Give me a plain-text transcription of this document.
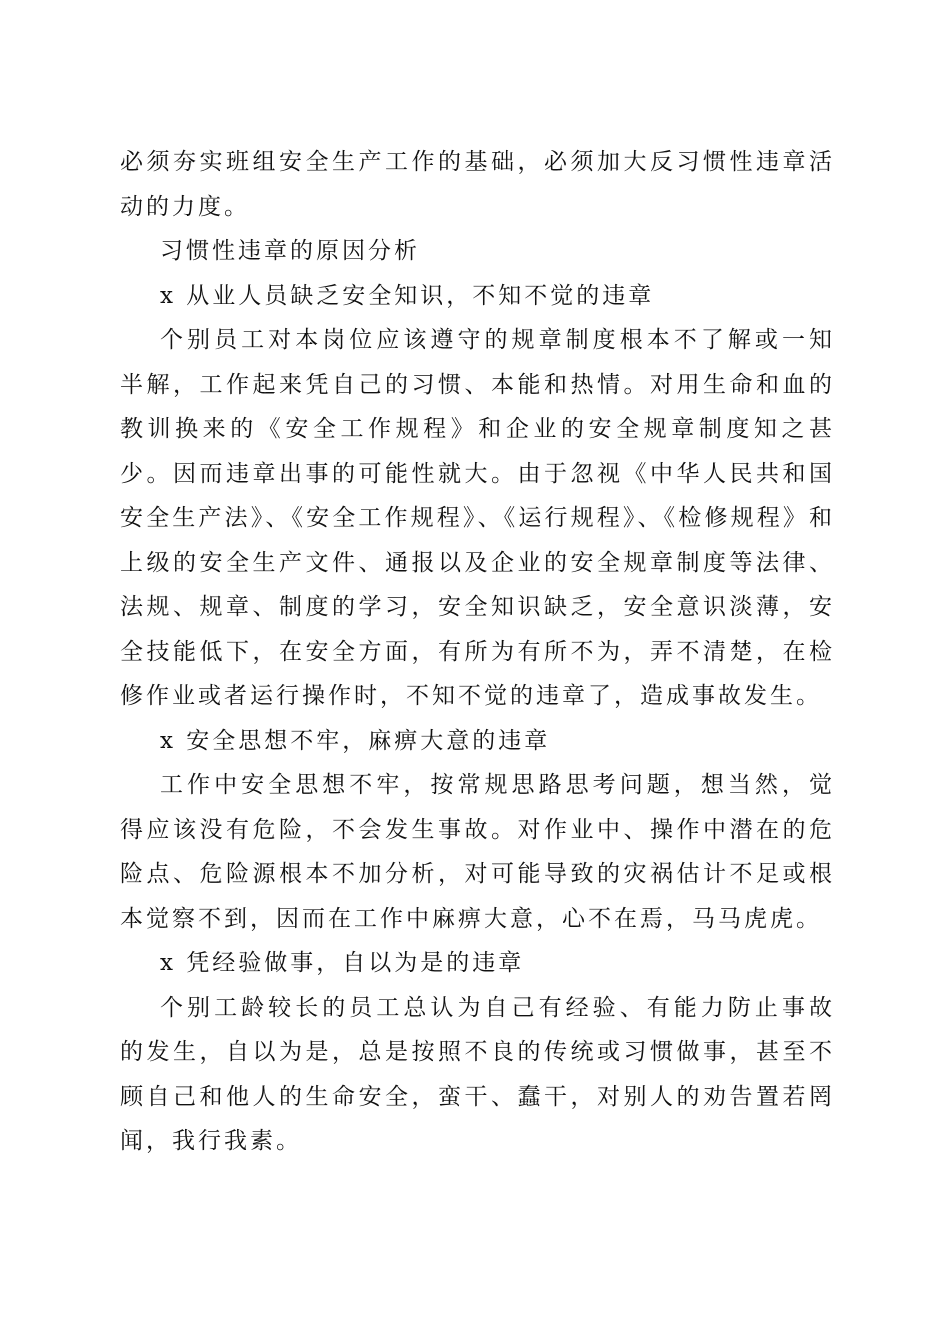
必须夯实班组安全生产工作的基础，必须加大反习惯性违章活动的力度。

习惯性违章的原因分析

x 从业人员缺乏安全知识，不知不觉的违章

个别员工对本岗位应该遵守的规章制度根本不了解或一知半解，工作起来凭自己的习惯、本能和热情。对用生命和血的教训换来的《安全工作规程》和企业的安全规章制度知之甚少。因而违章出事的可能性就大。由于忽视《中华人民共和国安全生产法》、《安全工作规程》、《运行规程》、《检修规程》和上级的安全生产文件、通报以及企业的安全规章制度等法律、法规、规章、制度的学习，安全知识缺乏，安全意识淡薄，安全技能低下，在安全方面，有所为有所不为，弄不清楚，在检修作业或者运行操作时，不知不觉的违章了，造成事故发生。

x 安全思想不牢，麻痹大意的违章

工作中安全思想不牢，按常规思路思考问题，想当然，觉得应该没有危险，不会发生事故。对作业中、操作中潜在的危险点、危险源根本不加分析，对可能导致的灾祸估计不足或根本觉察不到，因而在工作中麻痹大意，心不在焉，马马虎虎。

x 凭经验做事，自以为是的违章

个别工龄较长的员工总认为自己有经验、有能力防止事故的发生，自以为是，总是按照不良的传统或习惯做事，甚至不顾自己和他人的生命安全，蛮干、蠢干，对别人的劝告置若罔闻，我行我素。
